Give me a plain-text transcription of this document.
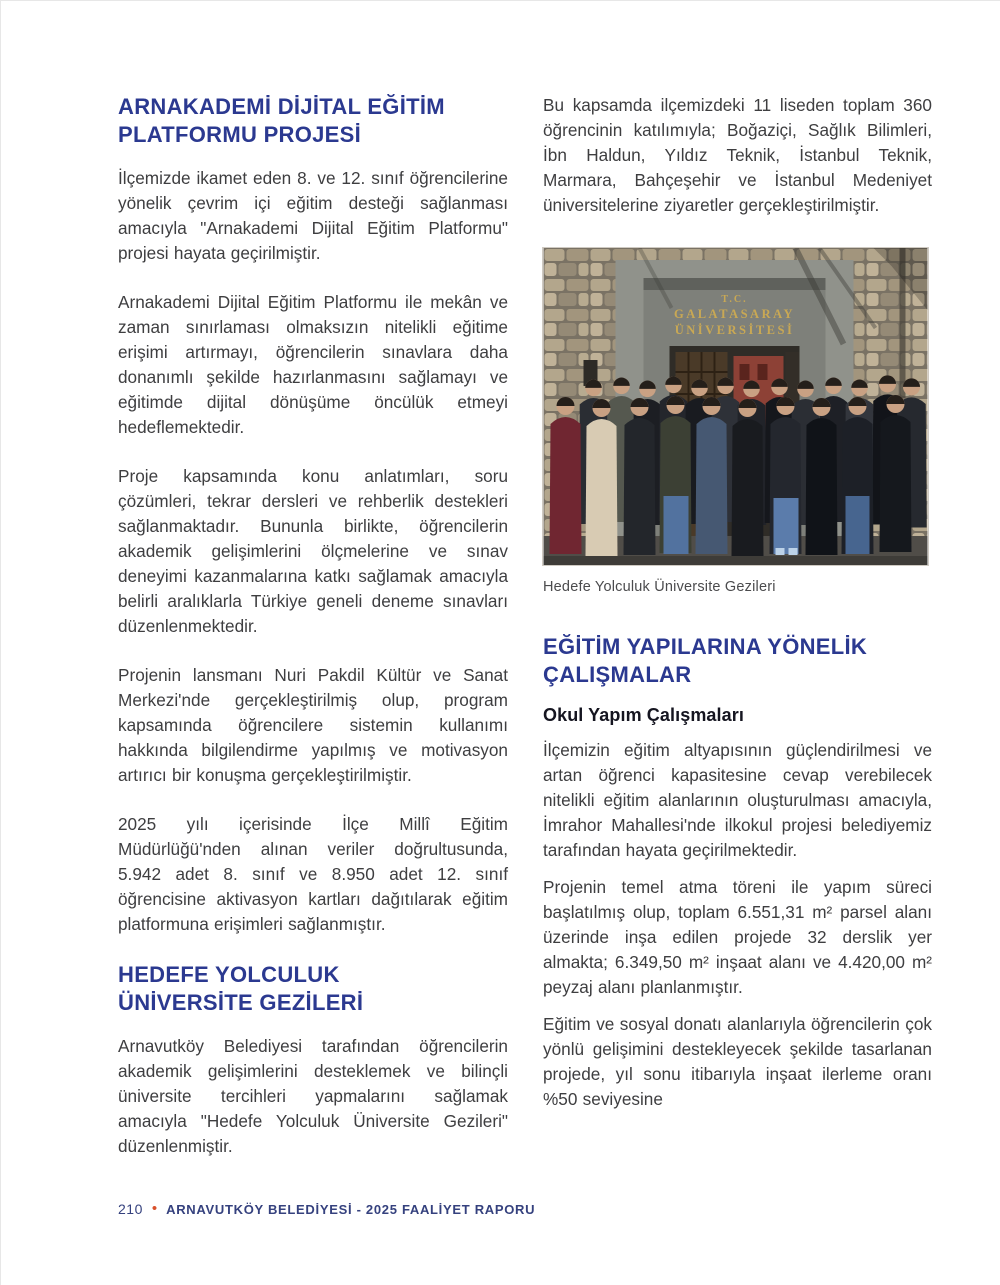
ARNAKADEMİ DİJİTAL EĞİTİM
PLATFORMU PROJESİ

İlçemizde ikamet eden 8. ve 12. sınıf öğrencilerine yönelik çevrim içi eğitim desteği sağlanması amacıyla "Arnakademi Dijital Eğitim Platformu" projesi hayata geçirilmiştir.

Arnakademi Dijital Eğitim Platformu ile mekân ve zaman sınırlaması olmaksızın nitelikli eğitime erişimi artırmayı, öğrencilerin sınavlara daha donanımlı şekilde hazırlanmasını sağlamayı ve eğitimde dijital dönüşüme öncülük etmeyi hedeflemektedir.

Proje kapsamında konu anlatımları, soru çözümleri, tekrar dersleri ve rehberlik destekleri sağlanmaktadır. Bununla birlikte, öğrencilerin akademik gelişimlerini ölçmelerine ve sınav deneyimi kazanmalarına katkı sağlamak amacıyla belirli aralıklarla Türkiye geneli deneme sınavları düzenlenmektedir.

Projenin lansmanı Nuri Pakdil Kültür ve Sanat Merkezi'nde gerçekleştirilmiş olup, program kapsamında öğrencilere sistemin kullanımı hakkında bilgilendirme yapılmış ve motivasyon artırıcı bir konuşma gerçekleştirilmiştir.

2025 yılı içerisinde İlçe Millî Eğitim Müdürlüğü'nden alınan veriler doğrultusunda, 5.942 adet 8. sınıf ve 8.950 adet 12. sınıf öğrencisine aktivasyon kartları dağıtılarak eğitim platformuna erişimleri sağlanmıştır.

HEDEFE YOLCULUK
ÜNİVERSİTE GEZİLERİ

Arnavutköy Belediyesi tarafından öğrencilerin akademik gelişimlerini desteklemek ve bilinçli üniversite tercihleri yapmalarını sağlamak amacıyla "Hedefe Yolculuk Üniversite Gezileri" düzenlenmiştir.

Bu kapsamda ilçemizdeki 11 liseden toplam 360 öğrencinin katılımıyla; Boğaziçi, Sağlık Bilimleri, İbn Haldun, Yıldız Teknik, İstanbul Teknik, Marmara, Bahçeşehir ve İstanbul Medeniyet üniversitelerine ziyaretler gerçekleştirilmiştir.

T.C.
GALATASARAY
ÜNİVERSİTESİ
Hedefe Yolculuk Üniversite Gezileri
EĞİTİM YAPILARINA YÖNELİK
ÇALIŞMALAR
Okul Yapım Çalışmaları

İlçemizin eğitim altyapısının güçlendirilmesi ve artan öğrenci kapasitesine cevap verebilecek nitelikli eğitim alanlarının oluşturulması amacıyla, İmrahor Mahallesi'nde ilkokul projesi belediyemiz tarafından hayata geçirilmektedir.

Projenin temel atma töreni ile yapım süreci başlatılmış olup, toplam 6.551,31 m² parsel alanı üzerinde inşa edilen projede 32 derslik yer almakta; 6.349,50 m² inşaat alanı ve 4.420,00 m² peyzaj alanı planlanmıştır.

Eğitim ve sosyal donatı alanlarıyla öğrencilerin çok yönlü gelişimini destekleyecek şekilde tasarlanan projede, yıl sonu itibarıyla inşaat ilerleme oranı %50 seviyesine

210 • ARNAVUTKÖY BELEDİYESİ - 2025 FAALİYET RAPORU
